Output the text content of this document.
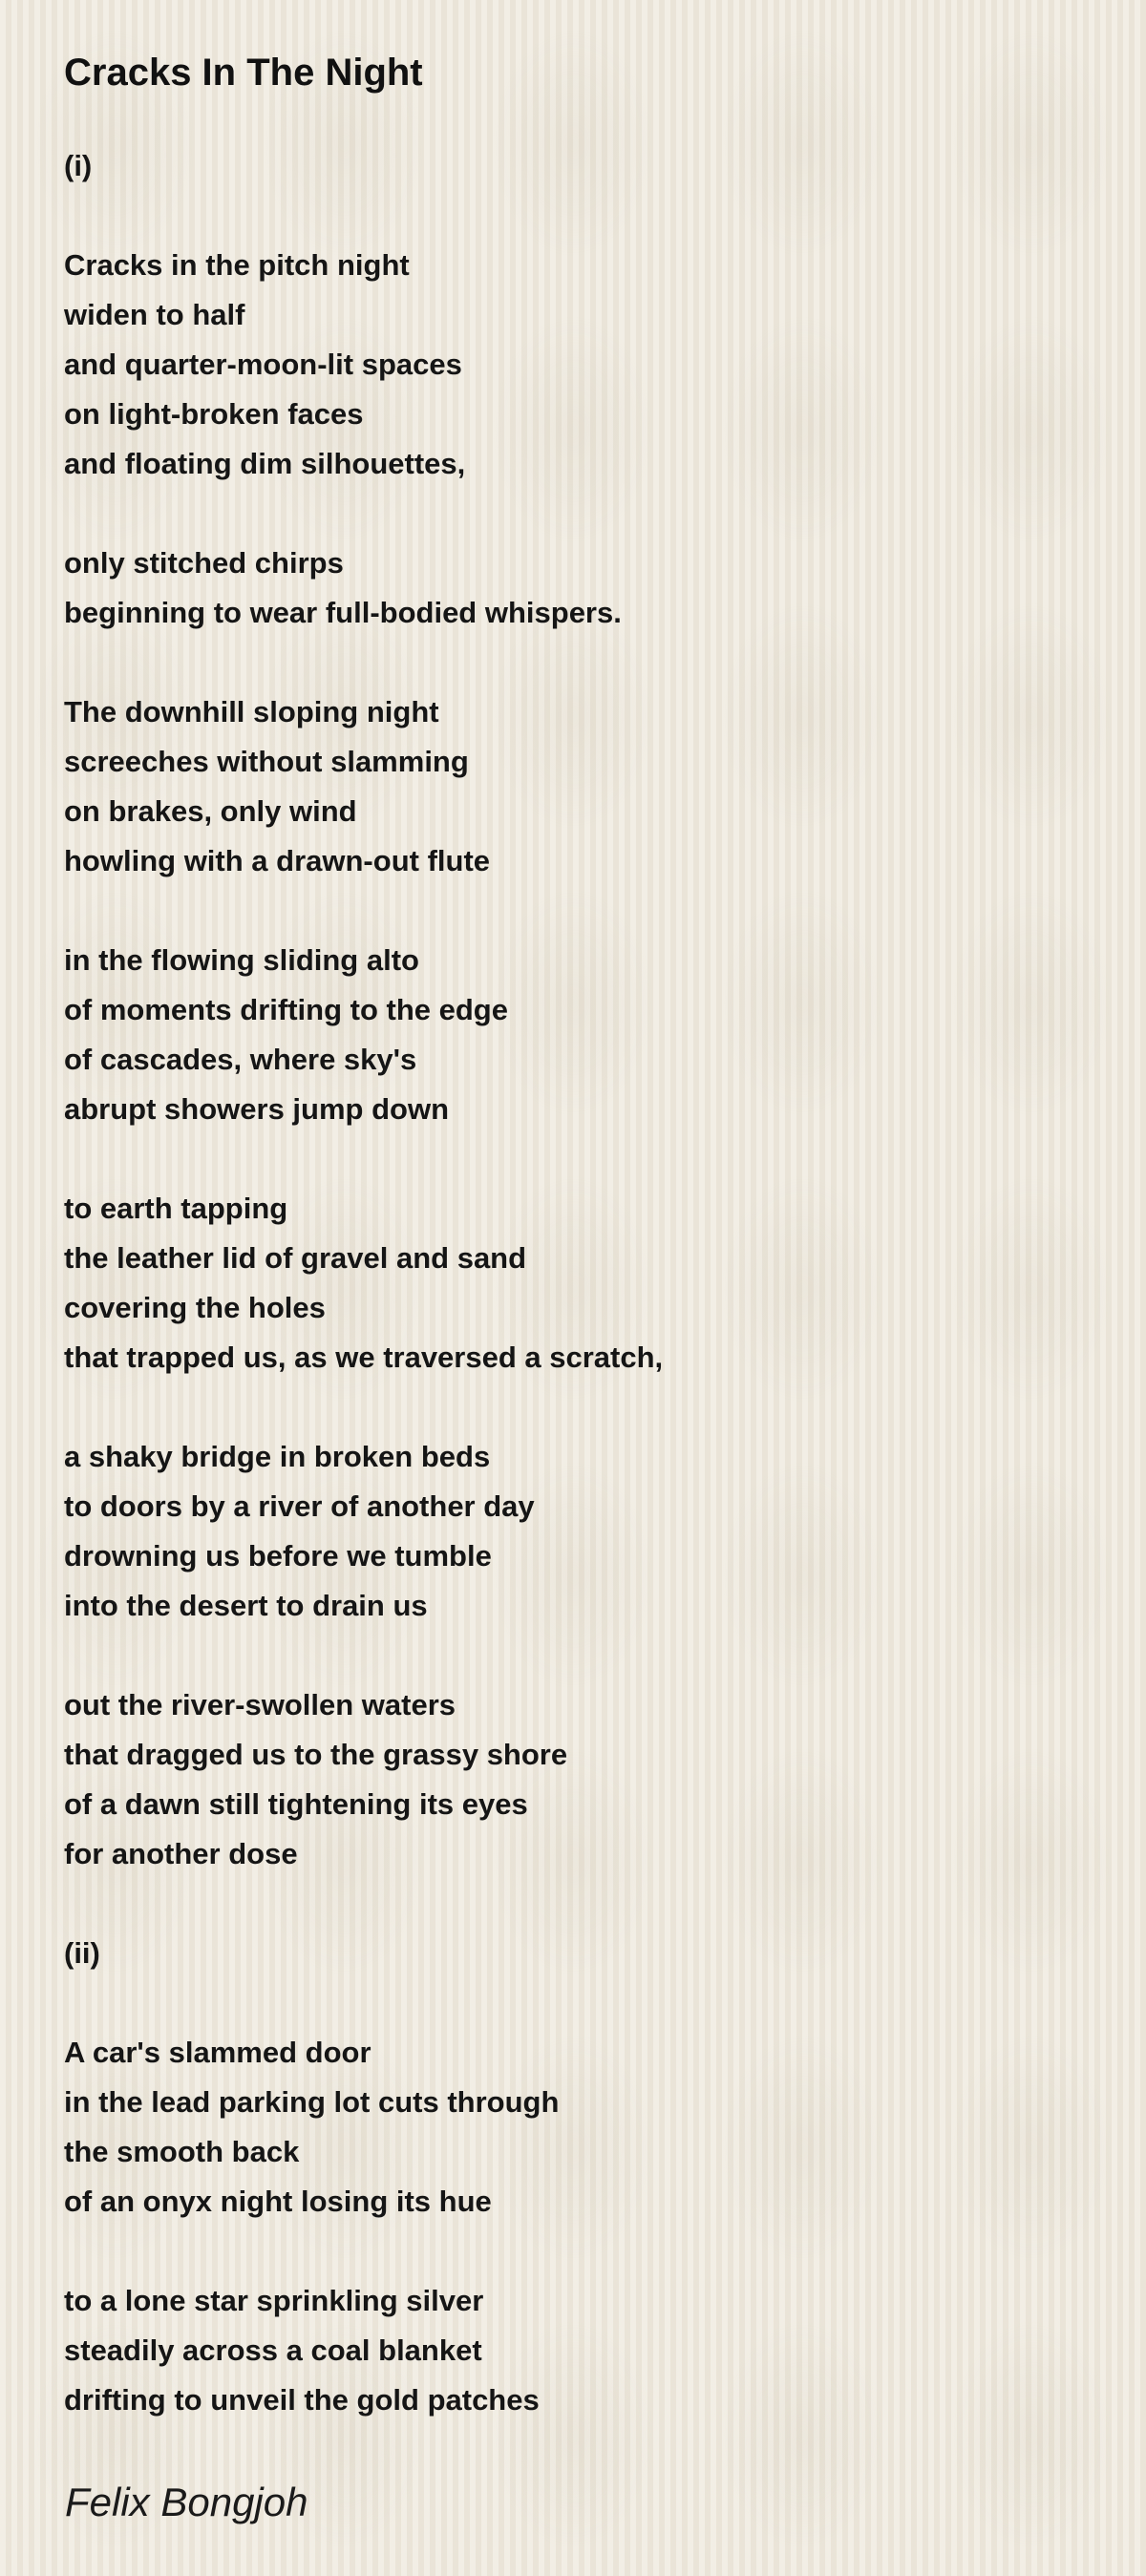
Cracks In The Night
(i)
Cracks in the pitch night
widen to half
and quarter-moon-lit spaces
on light-broken faces
and floating dim silhouettes,
only stitched chirps
beginning to wear full-bodied whispers.
The downhill sloping night
screeches without slamming
on brakes, only wind
howling with a drawn-out flute
in the flowing sliding alto
of moments drifting to the edge
of cascades, where sky's
abrupt showers jump down
to earth tapping
the leather lid of gravel and sand
covering the holes
that trapped us, as we traversed a scratch,
a shaky bridge in broken beds
to doors by a river of another day
drowning us before we tumble
into the desert to drain us
out the river-swollen waters
that dragged us to the grassy shore
of a dawn still tightening its eyes
for another dose
(ii)
A car's slammed door
in the lead parking lot cuts through
the smooth back
of an onyx night losing its hue
to a lone star sprinkling silver
steadily across a coal blanket
drifting to unveil the gold patches
Felix Bongjoh
